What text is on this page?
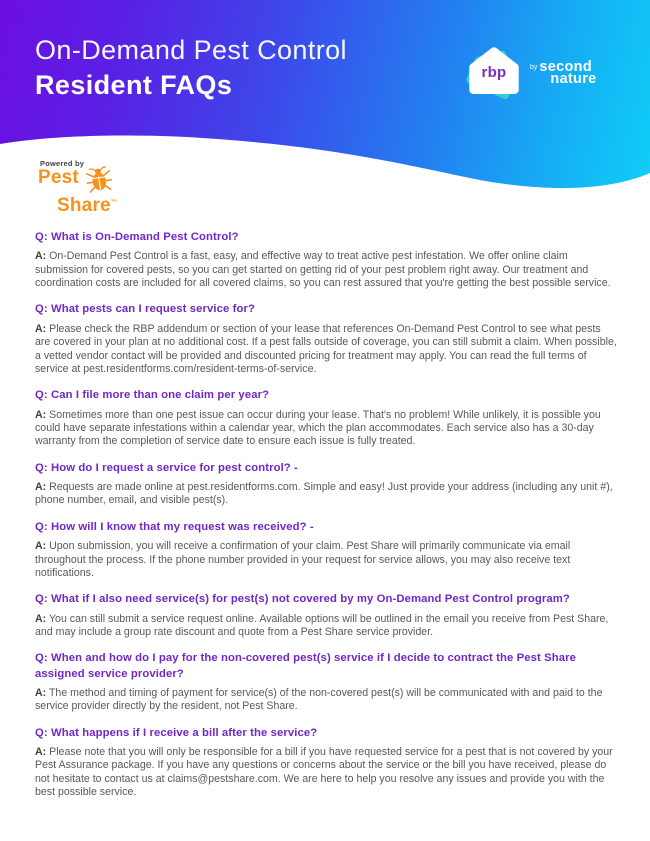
On-Demand Pest Control
Resident FAQs	rbp	by second
nature
Powered by
Pest
Share™
Q: What is On-Demand Pest Control?

A: On-Demand Pest Control is a fast, easy, and effective way to treat active pest infestation. We offer online claim submission for covered pests, so you can get started on getting rid of your pest problem right away. Our treatment and coordination costs are included for all covered claims, so you can rest assured that you're getting the best possible service.

Q: What pests can I request service for?

A: Please check the RBP addendum or section of your lease that references On-Demand Pest Control to see what pests are covered in your plan at no additional cost. If a pest falls outside of coverage, you can still submit a claim. When possible, a vetted vendor contact will be provided and discounted pricing for treatment may apply. You can read the full terms of service at pest.residentforms.com/resident-terms-of-service.

Q: Can I file more than one claim per year?

A: Sometimes more than one pest issue can occur during your lease. That's no problem! While unlikely, it is possible you could have separate infestations within a calendar year, which the plan accommodates. Each service also has a 30-day warranty from the completion of service date to ensure each issue is fully treated.

Q: How do I request a service for pest control? -

A: Requests are made online at pest.residentforms.com. Simple and easy! Just provide your address (including any unit #), phone number, email, and visible pest(s).

Q: How will I know that my request was received? -

A: Upon submission, you will receive a confirmation of your claim. Pest Share will primarily communicate via email throughout the process. If the phone number provided in your request for service allows, you may also receive text notifications.

Q: What if I also need service(s) for pest(s) not covered by my On-Demand Pest Control program?

A: You can still submit a service request online. Available options will be outlined in the email you receive from Pest Share, and may include a group rate discount and quote from a Pest Share service provider.

Q: When and how do I pay for the non-covered pest(s) service if I decide to contract the Pest Share assigned service provider?

A: The method and timing of payment for service(s) of the non-covered pest(s) will be communicated with and paid to the service provider directly by the resident, not Pest Share.

Q: What happens if I receive a bill after the service?

A: Please note that you will only be responsible for a bill if you have requested service for a pest that is not covered by your Pest Assurance package. If you have any questions or concerns about the service or the bill you have received, please do not hesitate to contact us at claims@pestshare.com. We are here to help you resolve any issues and provide you with the best possible service.
